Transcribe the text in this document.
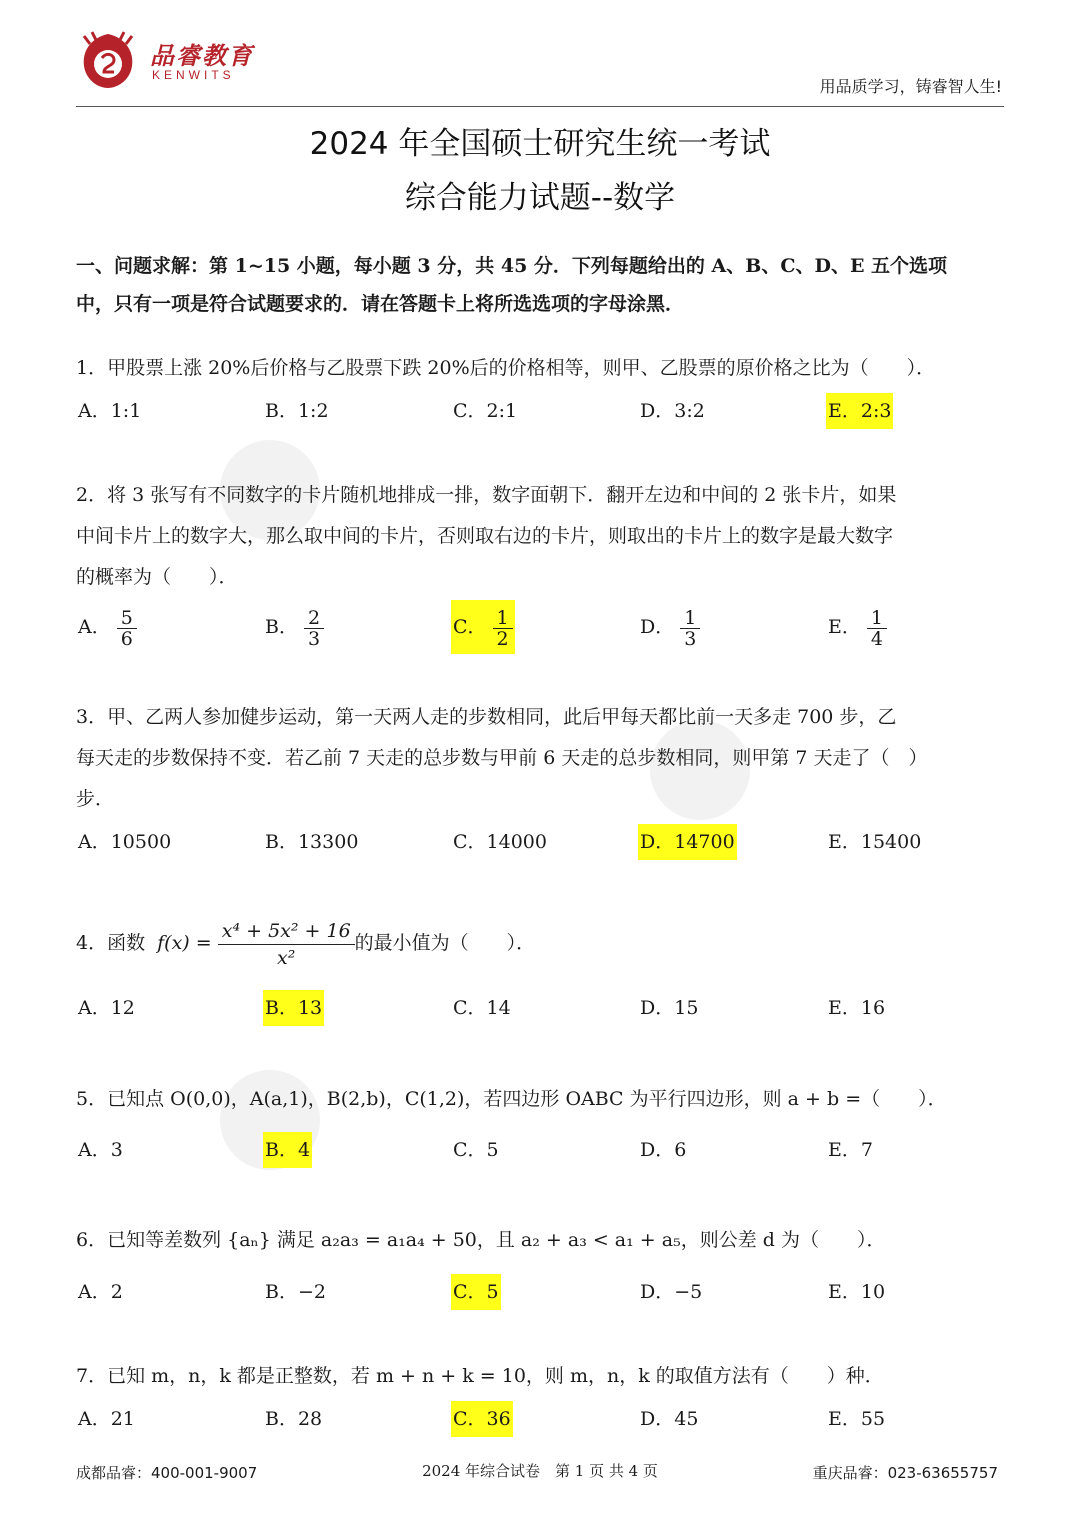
品睿教育
KENWITS
用品质学习，铸睿智人生!
2024 年全国硕士研究生统一考试
综合能力试题--数学
一、问题求解：第 1~15 小题，每小题 3 分，共 45 分．下列每题给出的 A、B、C、D、E 五个选项
中，只有一项是符合试题要求的．请在答题卡上将所选选项的字母涂黑．
1．甲股票上涨 20%后价格与乙股票下跌 20%后的价格相等，则甲、乙股票的原价格之比为（　　）．
A．1:1	B．1:2	C．2:1	D．3:2	E．2:3
2．将 3 张写有不同数字的卡片随机地排成一排，数字面朝下．翻开左边和中间的 2 张卡片，如果
中间卡片上的数字大，那么取中间的卡片，否则取右边的卡片，则取出的卡片上的数字是最大数字
的概率为（　　）．
A． $\frac{5}{6}$	B． $\frac{2}{3}$	C． $\frac{1}{2}$	D． $\frac{1}{3}$	E． $\frac{1}{4}$
3．甲、乙两人参加健步运动，第一天两人走的步数相同，此后甲每天都比前一天多走 700 步，乙
每天走的步数保持不变．若乙前 7 天走的总步数与甲前 6 天走的总步数相同，则甲第 7 天走了（　）
步．
A．10500	B．13300	C．14000	D．14700	E．15400
4．函数 $f(x) = \frac{\text{x⁴ + 5x² + 16}}{\text{x²}}$ 的最小值为（　　）．
A．12	B．13	C．14	D．15	E．16
5．已知点 O(0,0)，A(a,1)，B(2,b)，C(1,2)，若四边形 OABC 为平行四边形，则 a + b =（　　）．
A．3	B．4	C．5	D．6	E．7
6．已知等差数列 {aₙ} 满足 a₂a₃ = a₁a₄ + 50，且 a₂ + a₃ < a₁ + a₅，则公差 d 为（　　）．
A．2	B．−2	C．5	D．−5	E．10
7．已知 m，n，k 都是正整数，若 m + n + k = 10，则 m，n，k 的取值方法有（　　）种．
A．21	B．28	C．36	D．45	E．55
成都品睿：400-001-9007	2024 年综合试卷　第 1 页 共 4 页	重庆品睿：023-63655757
